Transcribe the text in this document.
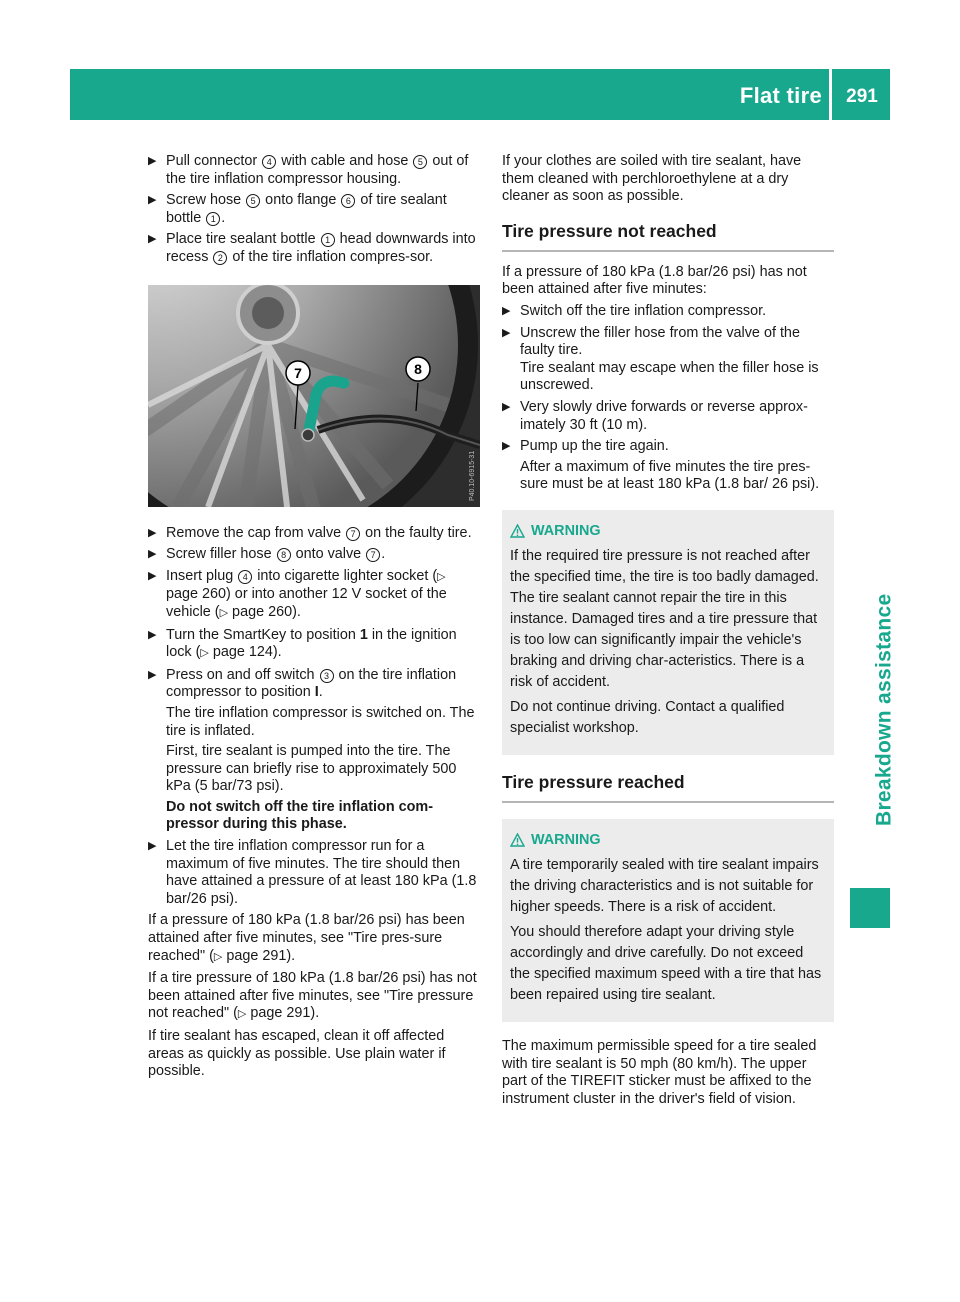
Flat tire	291
Breakdown assistance
▶ Pull connector 4 with cable and hose 5 out of the tire inflation compressor housing.
▶ Screw hose 5 onto flange 6 of tire sealant bottle 1 .
▶ Place tire sealant bottle 1 head downwards into recess 2 of the tire inflation compres-sor.
7	8
P40.10-6915-31
▶ Remove the cap from valve 7 on the faulty tire.
▶ Screw filler hose 8 onto valve 7 .
▶ Insert plug 4 into cigarette lighter socket (▷ page 260) or into another 12 V socket of the vehicle (▷ page 260).
▶ Turn the SmartKey to position 1 in the ignition lock (▷ page 124).
▶ Press on and off switch 3 on the tire inflation compressor to position I.
The tire inflation compressor is switched on. The tire is inflated.
First, tire sealant is pumped into the tire. The pressure can briefly rise to approximately 500 kPa (5 bar/73 psi).
Do not switch off the tire inflation com-pressor during this phase.
▶ Let the tire inflation compressor run for a maximum of five minutes. The tire should then have attained a pressure of at least 180 kPa (1.8 bar/26 psi).

If a pressure of 180 kPa (1.8 bar/26 psi) has been attained after five minutes, see "Tire pres-sure reached" (▷ page 291).

If a tire pressure of 180 kPa (1.8 bar/26 psi) has not been attained after five minutes, see "Tire pressure not reached" (▷ page 291).

If tire sealant has escaped, clean it off affected areas as quickly as possible. Use plain water if possible.

If your clothes are soiled with tire sealant, have them cleaned with perchloroethylene at a dry cleaner as soon as possible.

Tire pressure not reached

If a pressure of 180 kPa (1.8 bar/26 psi) has not been attained after five minutes:

▶ Switch off the tire inflation compressor.
▶ Unscrew the filler hose from the valve of the faulty tire.
Tire sealant may escape when the filler hose is unscrewed.
▶ Very slowly drive forwards or reverse approx-imately 30 ft (10 m).
▶ Pump up the tire again.
After a maximum of five minutes the tire pres-sure must be at least 180 kPa (1.8 bar/ 26 psi).
WARNING

If the required tire pressure is not reached after the specified time, the tire is too badly damaged. The tire sealant cannot repair the tire in this instance. Damaged tires and a tire pressure that is too low can significantly impair the vehicle's braking and driving char-acteristics. There is a risk of accident.

Do not continue driving. Contact a qualified specialist workshop.

Tire pressure reached
WARNING

A tire temporarily sealed with tire sealant impairs the driving characteristics and is not suitable for higher speeds. There is a risk of accident.

You should therefore adapt your driving style accordingly and drive carefully. Do not exceed the specified maximum speed with a tire that has been repaired using tire sealant.

The maximum permissible speed for a tire sealed with tire sealant is 50 mph (80 km/h). The upper part of the TIREFIT sticker must be affixed to the instrument cluster in the driver's field of vision.
